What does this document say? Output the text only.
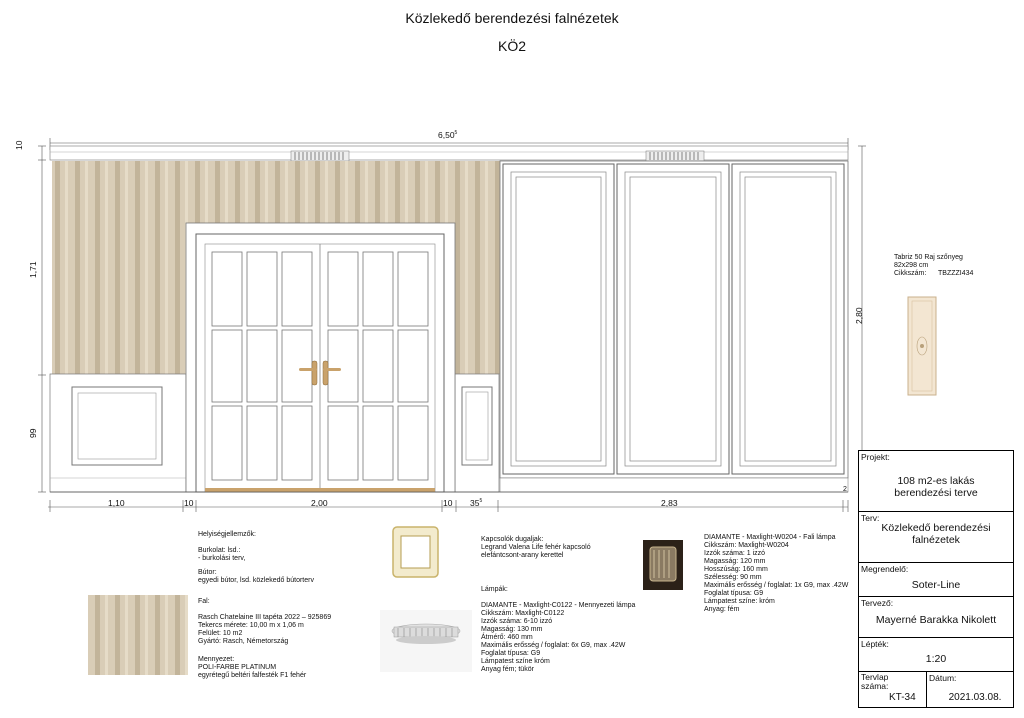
Közlekedő berendezési falnézetek
KÖ2
6,50$^5$
10
1,71
99
2,80
1,10	10	2,00	10 $35^5$	2,83
2
Tabriz 50 Raj szőnyeg
82x298 cm
Cikkszám: TBZZZI434
Helyiségjellemzők:
Burkolat: lsd.:
- burkolási terv,
Bútor:
egyedi bútor, lsd. közlekedő bútorterv
Fal:
Rasch Chatelaine III tapéta 2022 – 925869
Tekercs mérete: 10,00 m x 1,06 m
Felület: 10 m2
Gyártó: Rasch, Németország
Mennyezet:
POLI-FARBE PLATINUM
egyrétegű beltéri falfesték F1 fehér
Kapcsolók dugaljak:
Legrand Valena Life fehér kapcsoló
elefántcsont-arany kerettel
Lámpák:
DIAMANTE - Maxlight-C0122 - Mennyezeti lámpa
Cikkszám: Maxlight-C0122
Izzók száma: 6-10 izzó
Magasság: 130 mm
Átmérő: 460 mm
Maximális erősség / foglalat: 6x G9, max .42W
Foglalat típusa: G9
Lámpatest színe króm
Anyag fém; tükör
DIAMANTE - Maxlight-W0204 - Fali lámpa
Cikkszám: Maxlight-W0204
Izzók száma: 1 izzó
Magasság: 120 mm
Hosszúság: 160 mm
Szélesség: 90 mm
Maximális erősség / foglalat: 1x G9, max .42W
Foglalat típusa: G9
Lámpatest színe: króm
Anyag: fém
Projekt:
108 m2-es lakás berendezési terve
Terv:
Közlekedő berendezési falnézetek
Megrendelő:
Soter-Line
Tervező:
Mayerné Barakka Nikolett
Lépték:
1:20
Tervlap száma:
KT-34
Dátum:
2021.03.08.
